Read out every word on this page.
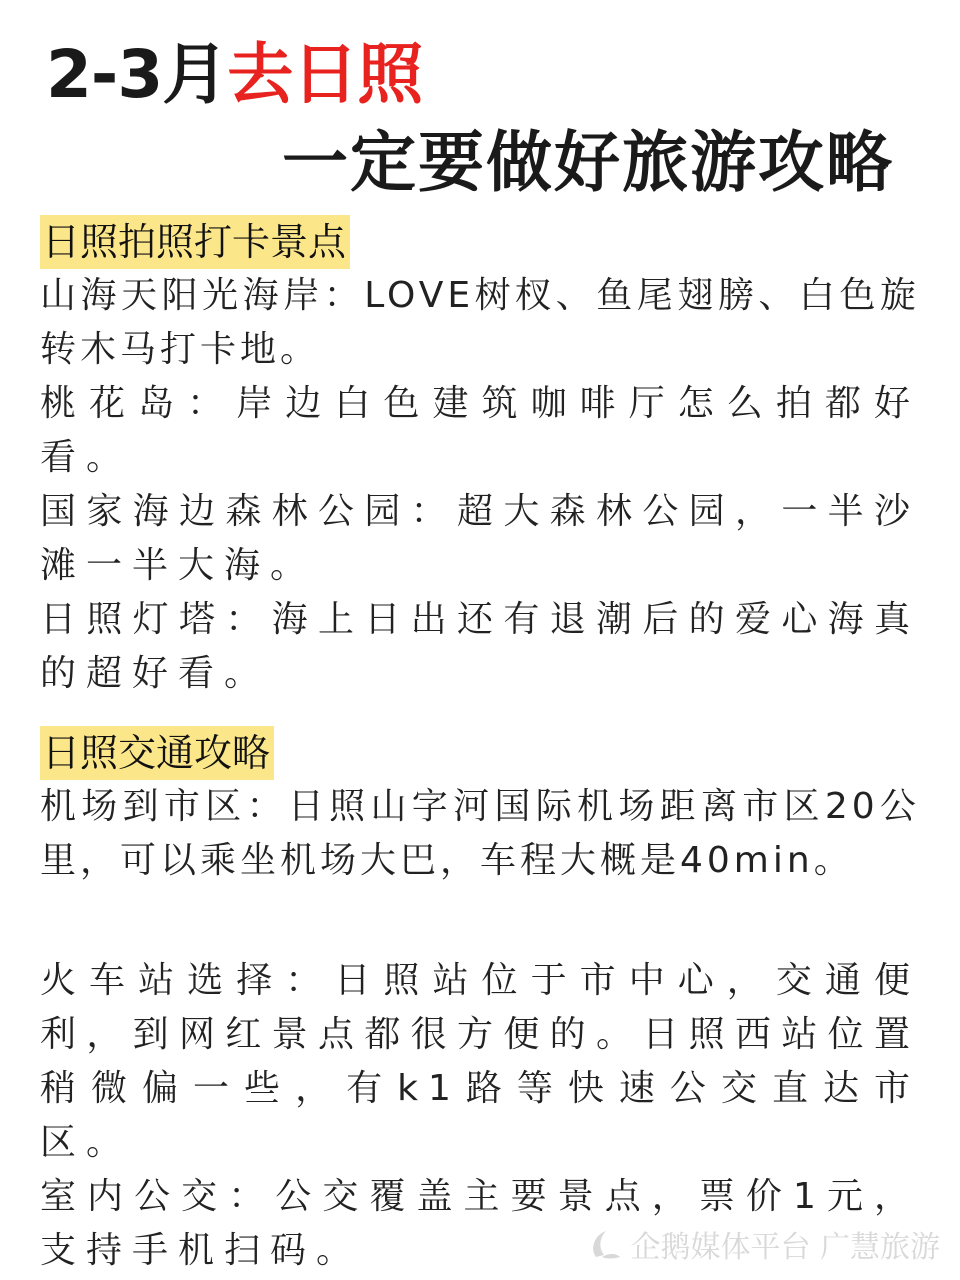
2-3月去日照
一定要做好旅游攻略
日照拍照打卡景点

山海天阳光海岸：LOVE树杈、鱼尾翅膀、白色旋转木马打卡地。

桃花岛：岸边白色建筑咖啡厅怎么拍都好看。

国家海边森林公园：超大森林公园，一半沙滩一半大海。

日照灯塔：海上日出还有退潮后的爱心海真的超好看。

日照交通攻略

机场到市区：日照山字河国际机场距离市区20公里，可以乘坐机场大巴，车程大概是40min。

火车站选择：日照站位于市中心，交通便利，到网红景点都很方便的。日照西站位置稍微偏一些，有k1路等快速公交直达市区。

室内公交：公交覆盖主要景点，票价1元，支持手机扫码。	企鹅媒体平台 广慧旅游
